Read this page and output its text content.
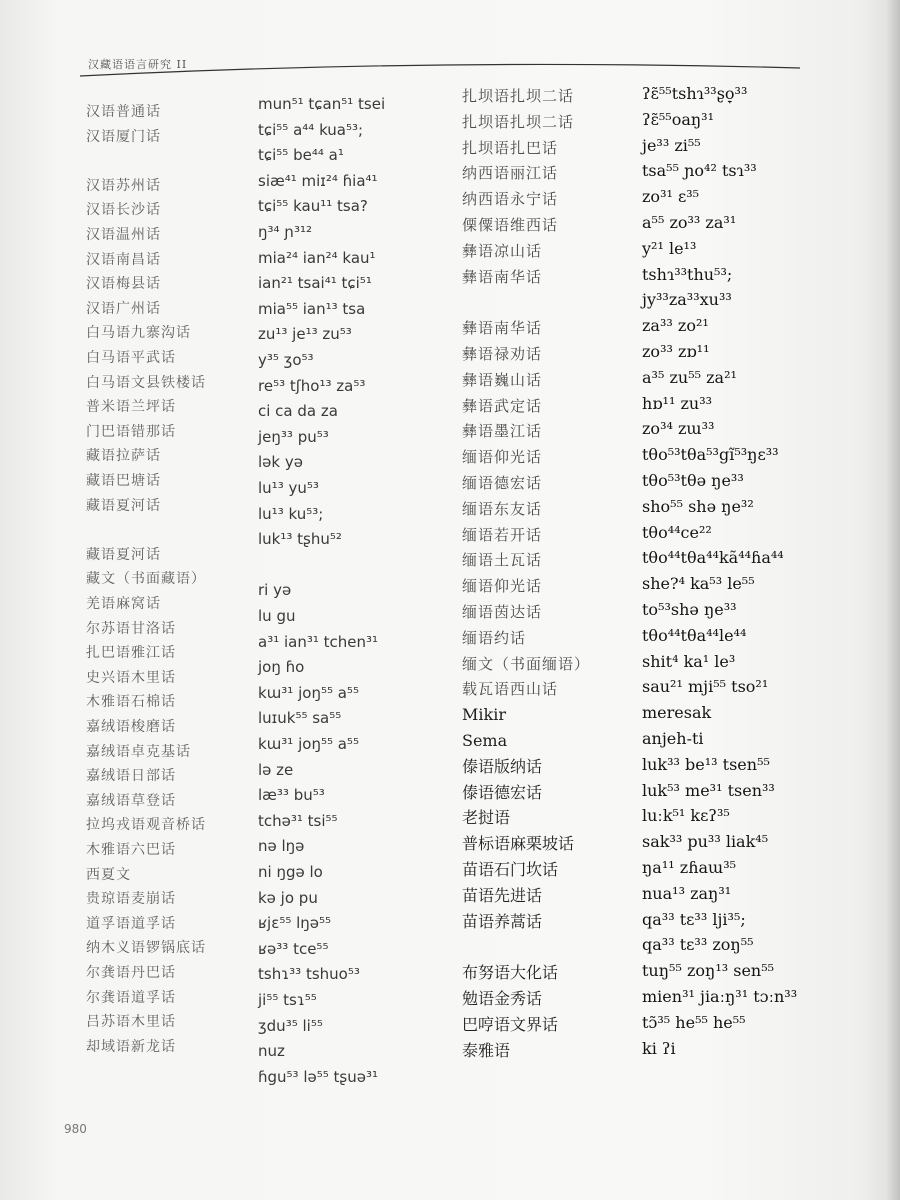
汉藏语语言研究 II
汉语普通话
汉语厦门话
汉语苏州话
汉语长沙话
汉语温州话
汉语南昌话
汉语梅县话
汉语广州话
白马语九寨沟话
白马语平武话
白马语文县铁楼话
普米语兰坪话
门巴语错那话
藏语拉萨话
藏语巴塘话
藏语夏河话
藏语夏河话
藏文（书面藏语）
羌语麻窝话
尔苏语甘洛话
扎巴语雅江话
史兴语木里话
木雅语石棉话
嘉绒语梭磨话
嘉绒语卓克基话
嘉绒语日部话
嘉绒语草登话
拉坞戎语观音桥话
木雅语六巴话
西夏文
贵琼语麦崩话
道孚语道孚话
纳木义语锣锅底话
尔龚语丹巴话
尔龚语道孚话
吕苏语木里话
却域语新龙话
mun⁵¹ tɕan⁵¹ tsei
tɕi⁵⁵ a⁴⁴ kua⁵³;
tɕi⁵⁵ be⁴⁴ a¹
siæ⁴¹ miɪ²⁴ ɦia⁴¹
tɕi⁵⁵ kau¹¹ tsa?
ŋ³⁴ ɲ³¹²
mia²⁴ ian²⁴ kau¹
ian²¹ tsai⁴¹ tɕi⁵¹
mia⁵⁵ ian¹³ tsa
zu¹³ je¹³ zu⁵³
y³⁵ ʒo⁵³
re⁵³ tʃho¹³ za⁵³
ci ca da za
jeŋ³³ pu⁵³
lək yə
lu¹³ yu⁵³
lu¹³ ku⁵³;
luk¹³ tʂhu⁵²
ri yə
lu gu
a³¹ ian³¹ tchen³¹
joŋ ɦo
kɯ³¹ joŋ⁵⁵ a⁵⁵
luɪuk⁵⁵ sa⁵⁵
kɯ³¹ joŋ⁵⁵ a⁵⁵
lə ze
læ³³ bu⁵³
tchə³¹ tsi⁵⁵
nə lŋə
ni ŋgə lo
kə jo pu
ʁjɛ⁵⁵ lŋə⁵⁵
ʁə³³ tce⁵⁵
tshɿ³³ tshuo⁵³
ji⁵⁵ tsɿ⁵⁵
ʒdu³⁵ li⁵⁵
nuz
ɦgu⁵³ lə⁵⁵ tʂuə³¹
扎坝语扎坝二话
扎坝语扎坝二话
扎坝语扎巴话
纳西语丽江话
纳西语永宁话
傈僳语维西话
彝语凉山话
彝语南华话
彝语南华话
彝语禄劝话
彝语巍山话
彝语武定话
彝语墨江话
缅语仰光话
缅语德宏话
缅语东友话
缅语若开话
缅语土瓦话
缅语仰光话
缅语茵达话
缅语约话
缅文（书面缅语）
载瓦语西山话
Mikir
Sema
傣语版纳话
傣语德宏话
老挝语
普标语麻栗坡话
苗语石门坎话
苗语先进话
苗语养蒿话
布努语大化话
勉语金秀话
巴哼语文界话
泰雅语
ʔɛ̃⁵⁵tshɿ³³ʂo̞³³
ʔɛ̃⁵⁵oaŋ³¹
je³³ zi⁵⁵
tsa⁵⁵ ɲo⁴² tsɿ³³
zo³¹ ɛ³⁵
a⁵⁵ zo³³ za³¹
y²¹ le¹³
tshɿ³³thu⁵³;
jy³³za³³xu³³
za³³ zo²¹
zo³³ zɒ¹¹
a³⁵ zu⁵⁵ za²¹
hɒ¹¹ zu³³
zo³⁴ zɯ³³
tθo⁵³tθa⁵³gĩ⁵³ŋɛ³³
tθo⁵³tθə ŋe³³
sho⁵⁵ shə ŋe³²
tθo⁴⁴ce²²
tθo⁴⁴tθa⁴⁴kã⁴⁴ɦa⁴⁴
she?⁴ ka⁵³ le⁵⁵
to⁵³shə ŋe³³
tθo⁴⁴tθa⁴⁴le⁴⁴
shit⁴ ka¹ le³
sau²¹ mji⁵⁵ tso²¹
meresak
anjeh-ti
luk³³ be¹³ tsen⁵⁵
luk⁵³ me³¹ tsen³³
luːk⁵¹ kɛʔ³⁵
sak³³ pu³³ liak⁴⁵
ŋa¹¹ zɦaɯ³⁵
nua¹³ zaŋ³¹
qa³³ tɛ³³ lji³⁵;
qa³³ tɛ³³ zoŋ⁵⁵
tuŋ⁵⁵ zoŋ¹³ sen⁵⁵
mien³¹ jiaːŋ³¹ tɔːn³³
tɔ̃³⁵ he⁵⁵ he⁵⁵
ki ʔi
980
